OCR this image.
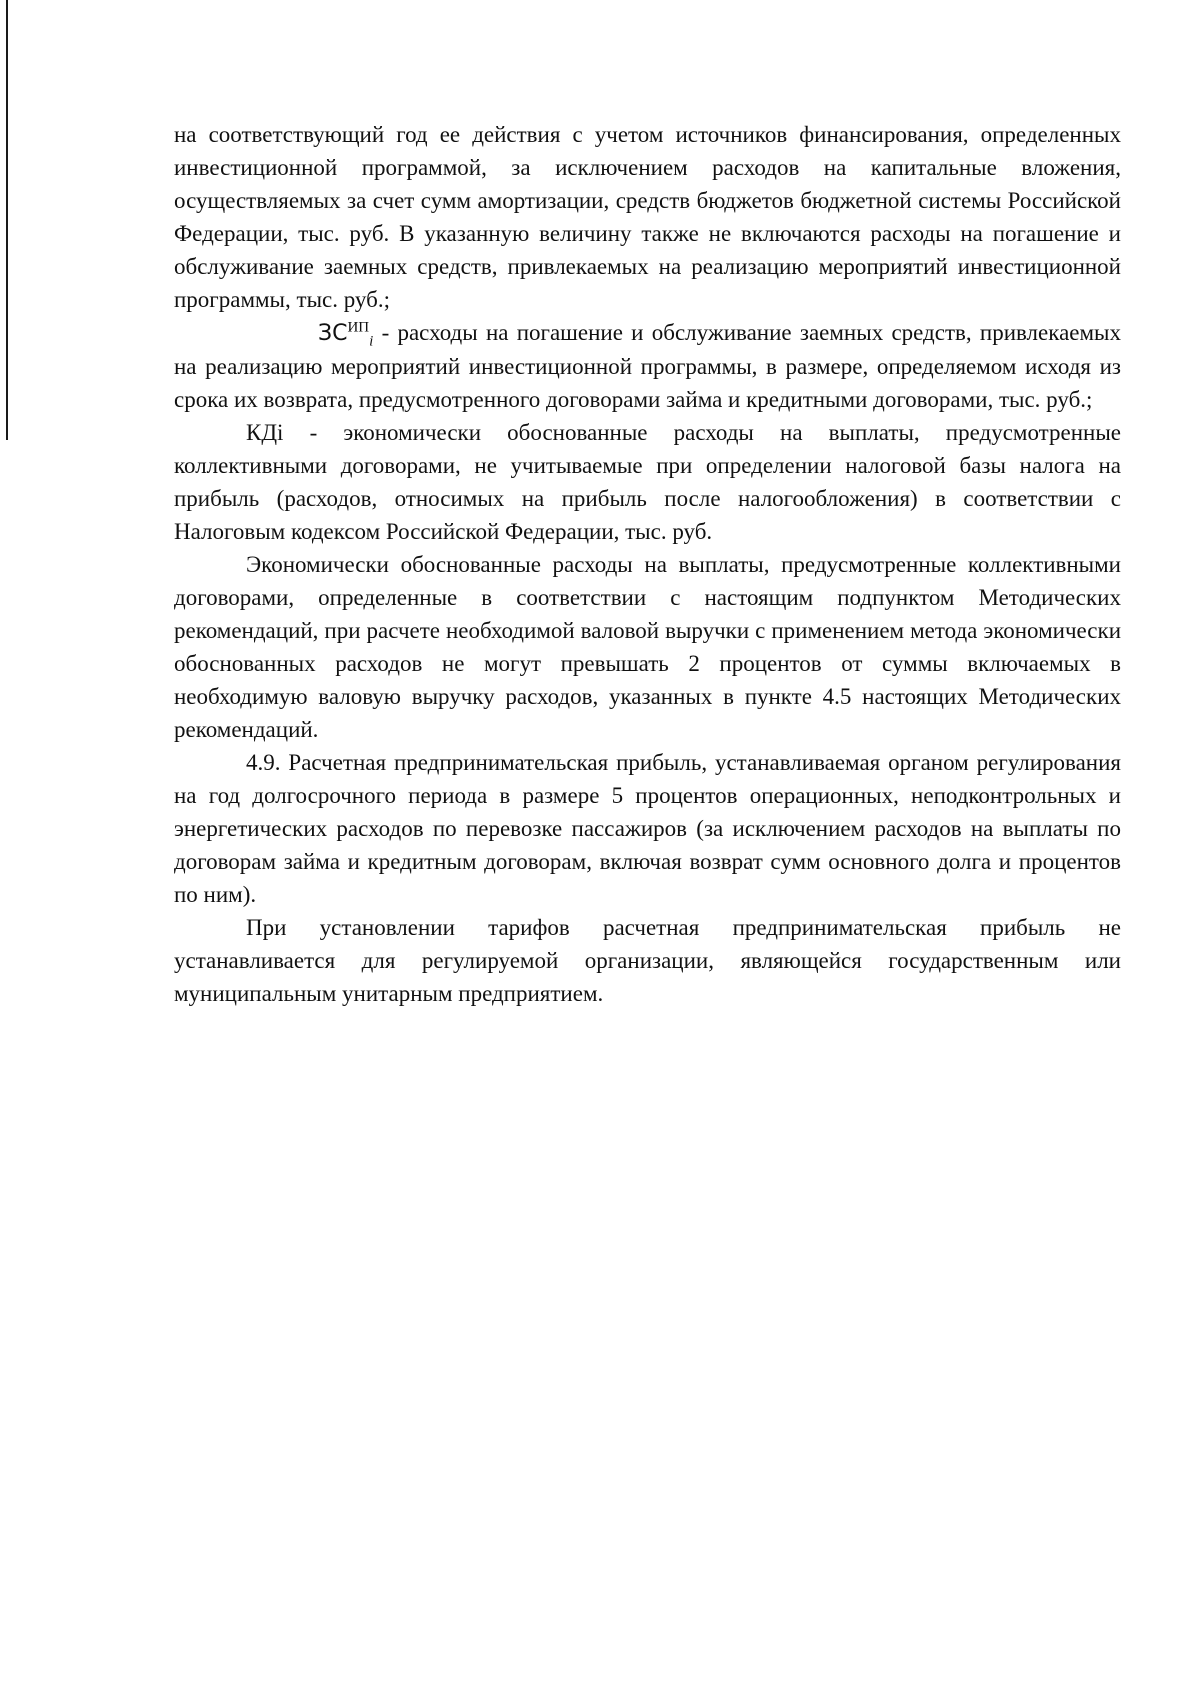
на соответствующий год ее действия с учетом источников финансирования, определенных инвестиционной программой, за исключением расходов на капитальные вложения, осуществляемых за счет сумм амортизации, средств бюджетов бюджетной системы Российской Федерации, тыс. руб. В указанную величину также не включаются расходы на погашение и обслуживание заемных средств, привлекаемых на реализацию мероприятий инвестиционной программы, тыс. руб.;

$ЗС^{ИП}_i$ - расходы на погашение и обслуживание заемных средств, привлекаемых на реализацию мероприятий инвестиционной программы, в размере, определяемом исходя из срока их возврата, предусмотренного договорами займа и кредитными договорами, тыс. руб.;

КДі - экономически обоснованные расходы на выплаты, предусмотренные коллективными договорами, не учитываемые при определении налоговой базы налога на прибыль (расходов, относимых на прибыль после налогообложения) в соответствии с Налоговым кодексом Российской Федерации, тыс. руб.

Экономически обоснованные расходы на выплаты, предусмотренные коллективными договорами, определенные в соответствии с настоящим подпунктом Методических рекомендаций, при расчете необходимой валовой выручки с применением метода экономически обоснованных расходов не могут превышать 2 процентов от суммы включаемых в необходимую валовую выручку расходов, указанных в пункте 4.5 настоящих Методических рекомендаций.

4.9. Расчетная предпринимательская прибыль, устанавливаемая органом регулирования на год долгосрочного периода в размере 5 процентов операционных, неподконтрольных и энергетических расходов по перевозке пассажиров (за исключением расходов на выплаты по договорам займа и кредитным договорам, включая возврат сумм основного долга и процентов по ним).

При установлении тарифов расчетная предпринимательская прибыль не устанавливается для регулируемой организации, являющейся государственным или муниципальным унитарным предприятием.
